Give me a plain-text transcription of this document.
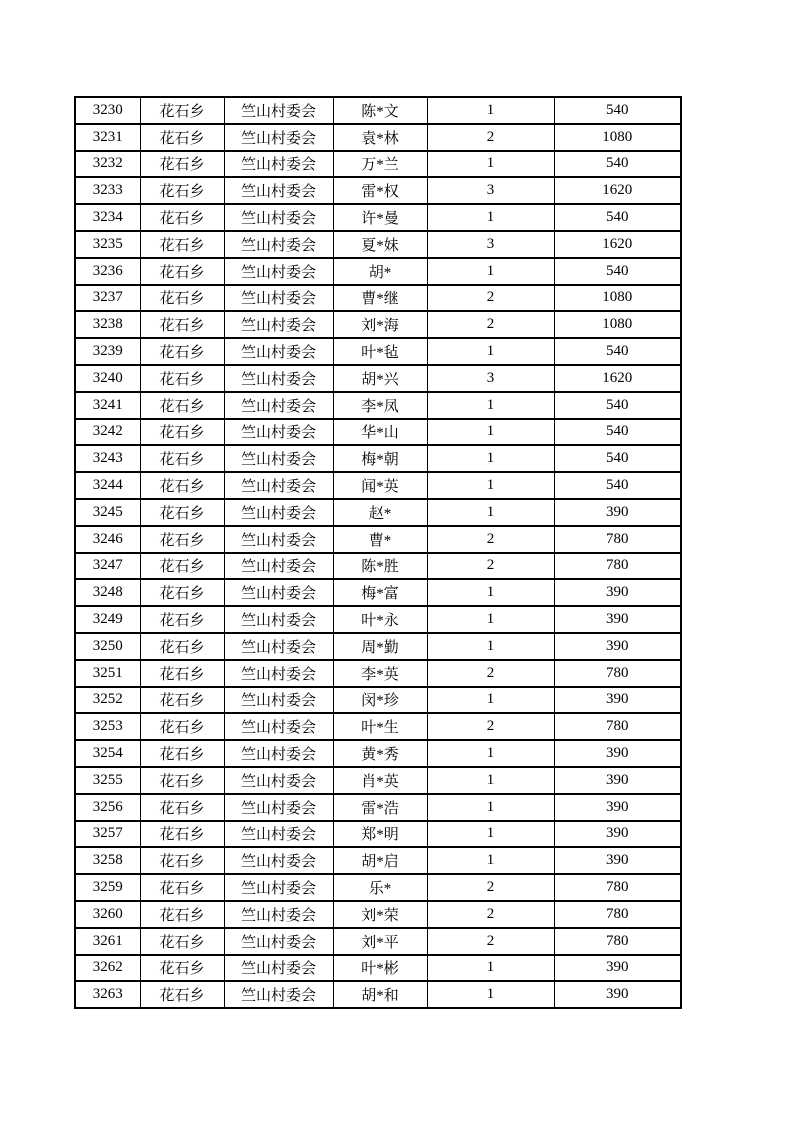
3230	花石乡	竺山村委会	陈*文	1	540
3231	花石乡	竺山村委会	袁*林	2	1080
3232	花石乡	竺山村委会	万*兰	1	540
3233	花石乡	竺山村委会	雷*权	3	1620
3234	花石乡	竺山村委会	许*曼	1	540
3235	花石乡	竺山村委会	夏*妹	3	1620
3236	花石乡	竺山村委会	胡*	1	540
3237	花石乡	竺山村委会	曹*继	2	1080
3238	花石乡	竺山村委会	刘*海	2	1080
3239	花石乡	竺山村委会	叶*毡	1	540
3240	花石乡	竺山村委会	胡*兴	3	1620
3241	花石乡	竺山村委会	李*凤	1	540
3242	花石乡	竺山村委会	华*山	1	540
3243	花石乡	竺山村委会	梅*朝	1	540
3244	花石乡	竺山村委会	闻*英	1	540
3245	花石乡	竺山村委会	赵*	1	390
3246	花石乡	竺山村委会	曹*	2	780
3247	花石乡	竺山村委会	陈*胜	2	780
3248	花石乡	竺山村委会	梅*富	1	390
3249	花石乡	竺山村委会	叶*永	1	390
3250	花石乡	竺山村委会	周*勤	1	390
3251	花石乡	竺山村委会	李*英	2	780
3252	花石乡	竺山村委会	闵*珍	1	390
3253	花石乡	竺山村委会	叶*生	2	780
3254	花石乡	竺山村委会	黄*秀	1	390
3255	花石乡	竺山村委会	肖*英	1	390
3256	花石乡	竺山村委会	雷*浩	1	390
3257	花石乡	竺山村委会	郑*明	1	390
3258	花石乡	竺山村委会	胡*启	1	390
3259	花石乡	竺山村委会	乐*	2	780
3260	花石乡	竺山村委会	刘*荣	2	780
3261	花石乡	竺山村委会	刘*平	2	780
3262	花石乡	竺山村委会	叶*彬	1	390
3263	花石乡	竺山村委会	胡*和	1	390
